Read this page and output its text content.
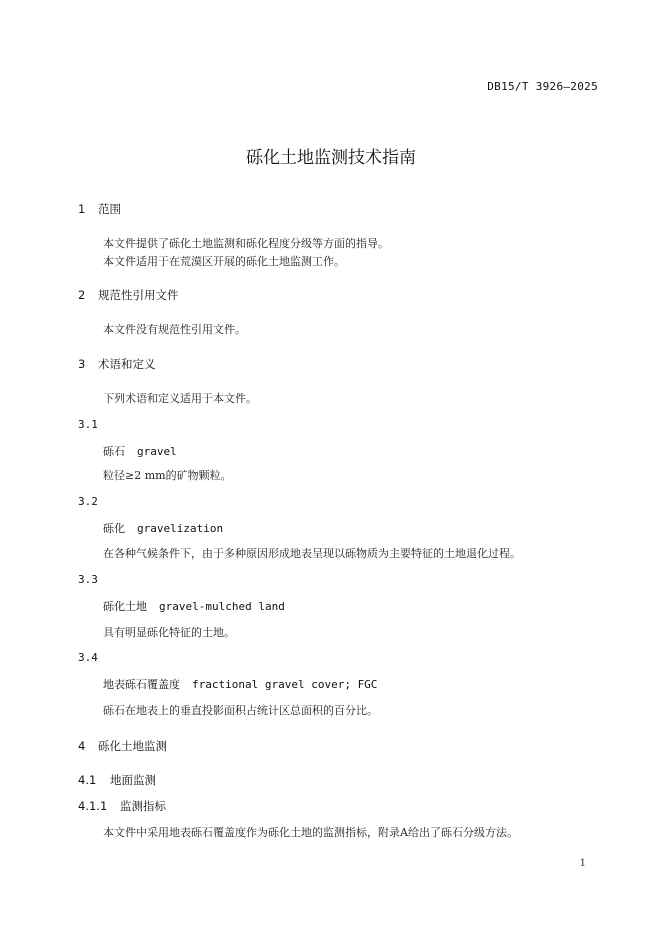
DB15/T 3926—2025
砾化土地监测技术指南
1 范围
本文件提供了砾化土地监测和砾化程度分级等方面的指导。
本文件适用于在荒漠区开展的砾化土地监测工作。
2 规范性引用文件
本文件没有规范性引用文件。
3 术语和定义
下列术语和定义适用于本文件。
3.1
砾石 gravel
粒径≥2 mm的矿物颗粒。
3.2
砾化 gravelization
在各种气候条件下，由于多种原因形成地表呈现以砾物质为主要特征的土地退化过程。
3.3
砾化土地 gravel-mulched land
具有明显砾化特征的土地。
3.4
地表砾石覆盖度 fractional gravel cover; FGC
砾石在地表上的垂直投影面积占统计区总面积的百分比。
4 砾化土地监测
4.1 地面监测
4.1.1 监测指标
本文件中采用地表砾石覆盖度作为砾化土地的监测指标，附录A给出了砾石分级方法。
1
